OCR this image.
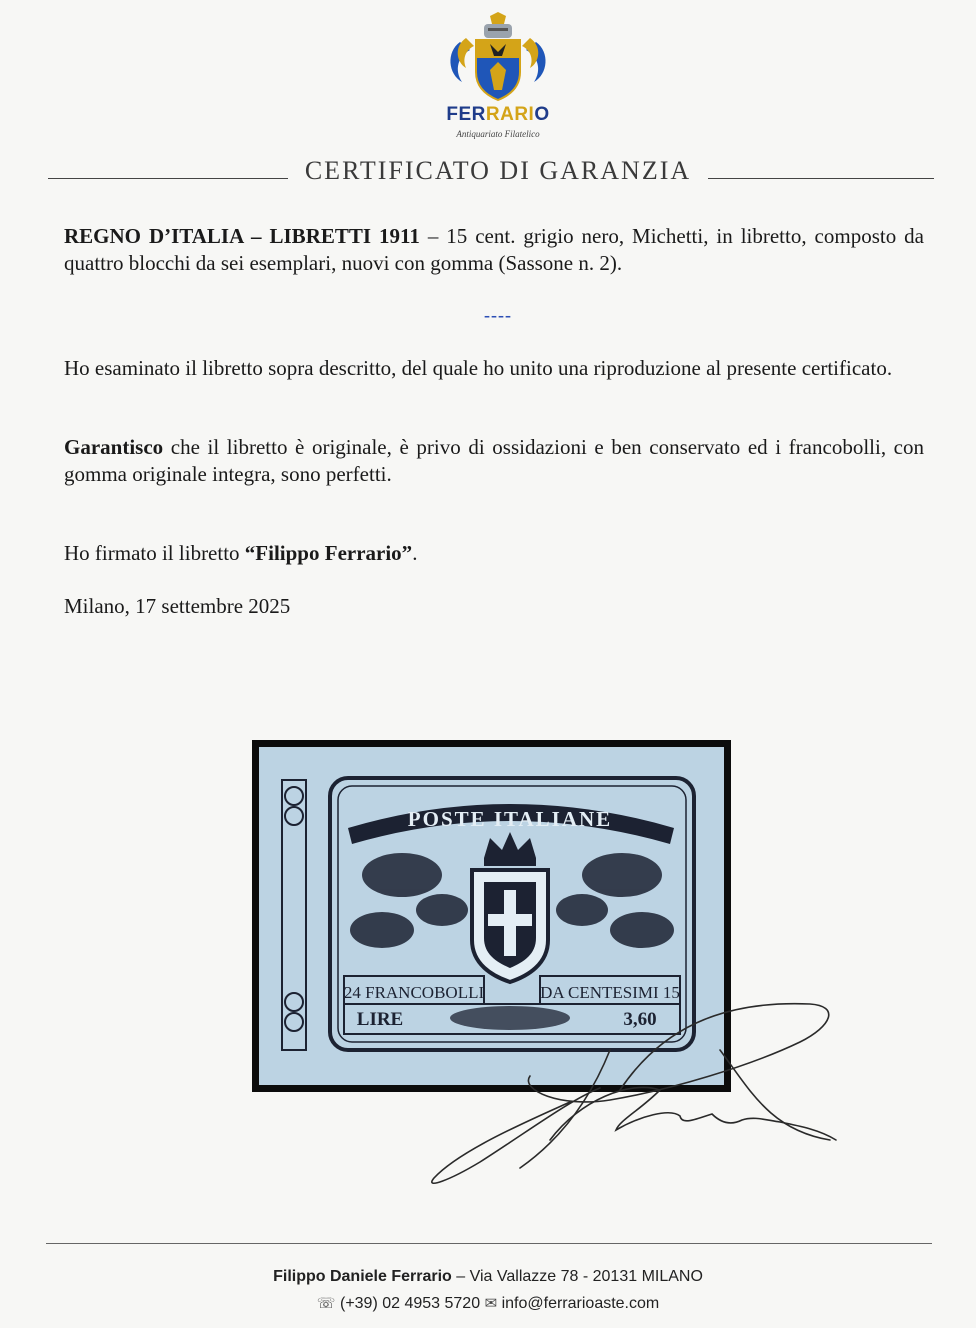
FERRARIO
Antiquariato Filatelico
CERTIFICATO DI GARANZIA
REGNO D’ITALIA – LIBRETTI 1911 – 15 cent. grigio nero, Michetti, in libretto, composto da quattro blocchi da sei esemplari, nuovi con gomma (Sassone n. 2).
----
Ho esaminato il libretto sopra descritto, del quale ho unito una riproduzione al presente certificato.
Garantisco che il libretto è originale, è privo di ossidazioni e ben conservato ed i francobolli, con gomma originale integra, sono perfetti.
Ho firmato il libretto “Filippo Ferrario”.
Milano, 17 settembre 2025
POSTE ITALIANE
24 FRANCOBOLLI	DA CENTESIMI 15
LIRE	3,60
Filippo Daniele Ferrario – Via Vallazze 78 - 20131 MILANO
☏ (+39) 02 4953 5720 ✉ info@ferrarioaste.com
